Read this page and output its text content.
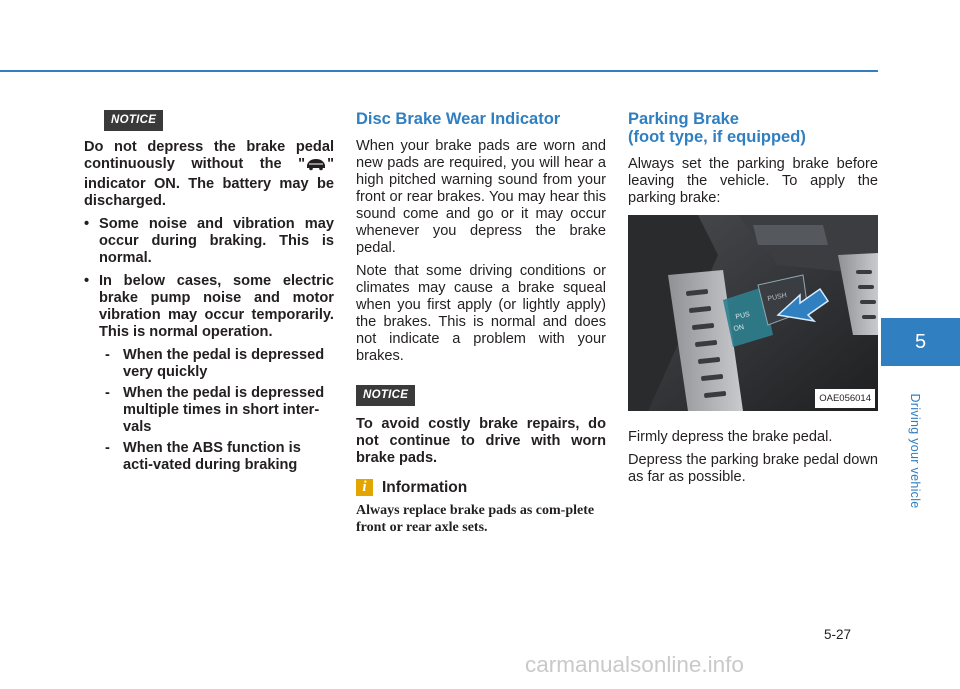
NOTICE

Do not depress the brake pedal continuously without the " " indicator ON. The battery may be discharged.

• Some noise and vibration may occur during braking. This is normal.
• In below cases, some electric brake pump noise and motor vibration may occur temporarily. This is normal operation.
- When the pedal is depressed very quickly
- When the pedal is depressed multiple times in short inter-vals
- When the ABS function is acti-vated during braking
Disc Brake Wear Indicator

When your brake pads are worn and new pads are required, you will hear a high pitched warning sound from your front or rear brakes. You may hear this sound come and go or it may occur whenever you depress the brake pedal.

Note that some driving conditions or climates may cause a brake squeal when you first apply (or lightly apply) the brakes. This is normal and does not indicate a problem with your brakes.

NOTICE

To avoid costly brake repairs, do not continue to drive with worn brake pads.

i Information

Always replace brake pads as com-plete front or rear axle sets.

Parking Brake
(foot type, if equipped)

Always set the parking brake before leaving the vehicle. To apply the parking brake:

PUS
ON
PUSH
OAE056014

Firmly depress the brake pedal.

Depress the parking brake pedal down as far as possible.

5
Driving your vehicle
5-27
carmanualsonline.info
